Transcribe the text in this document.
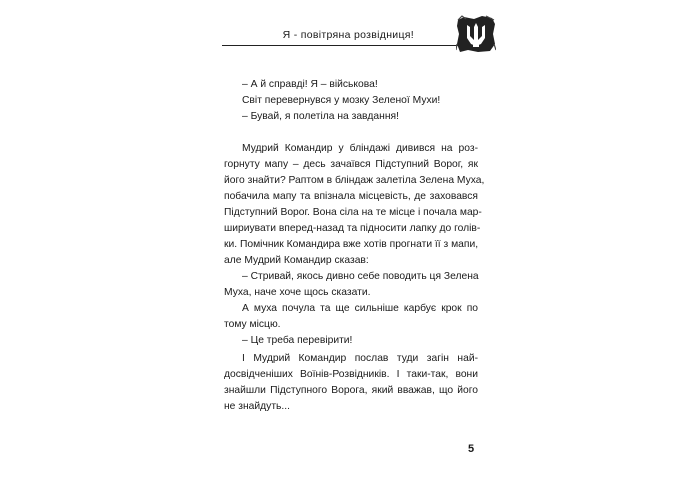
Я - повітряна розвідниця!
– А й справді! Я – військова!
Світ перевернувся у мозку Зеленої Мухи!
– Бувай, я полетіла на завдання!
Мудрий Командир у бліндажі дивився на роз-
горнуту мапу – десь зачаївся Підступний Ворог, як
його знайти? Раптом в бліндаж залетіла Зелена Муха,
побачила мапу та впізнала місцевість, де заховався
Підступний Ворог. Вона сіла на те місце і почала мар-
шириувати вперед-назад та підносити лапку до голів-
ки. Помічник Командира вже хотів прогнати її з мапи,
але Мудрий Командир сказав:
– Стривай, якось дивно себе поводить ця Зелена
Муха, наче хоче щось сказати.
А муха почула та ще сильніше карбує крок по
тому місцю.
– Це треба перевірити!
І Мудрий Командир послав туди загін най-
досвідченіших Воїнів-Розвідників. І таки-так, вони
знайшли Підступного Ворога, який вважав, що його
не знайдуть...
5
